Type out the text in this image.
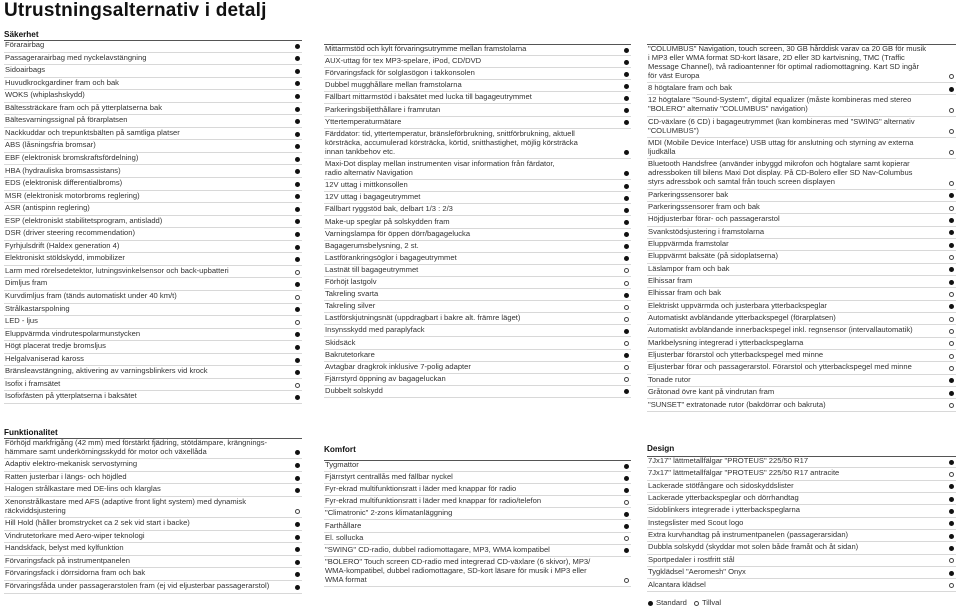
Utrustningsalternativ i detalj
Säkerhet
Förarairbag
Passagerarairbag med nyckelavstängning
Sidoairbags
Huvudkrockgardiner fram och bak
WOKS (whiplashskydd)
Bältessträckare fram och på ytterplatserna bak
Bältesvarningssignal på förarplatsen
Nackkuddar och trepunktsbälten på samtliga platser
ABS (låsningsfria bromsar)
EBF (elektronisk bromskraftsfördelning)
HBA (hydrauliska bromsassistans)
EDS (elektronisk differentialbroms)
MSR (elektronisk motorbroms reglering)
ASR (antispinn reglering)
ESP (elektroniskt stabilitetsprogram, antisladd)
DSR (driver steering recommendation)
Fyrhjulsdrift (Haldex generation 4)
Elektroniskt stöldskydd, immobilizer
Larm med rörelsedetektor, lutningsvinkelsensor och back-upbatteri
Dimljus fram
Kurvdimljus fram (tänds automatiskt under 40 km/t)
Strålkastarspolning
LED - ljus
Eluppvärmda vindrutespolarmunstycken
Högt placerat tredje bromsljus
Helgalvaniserad kaross
Bränsleavstängning, aktivering av varningsblinkers vid krock
Isofix i framsätet
Isofixfästen på ytterplatserna i baksätet
Funktionalitet
Förhöjd markfrigång (42 mm) med förstärkt fjädring, stötdämpare, krängnings-
hämmare samt underkörningsskydd för motor och växellåda
Adaptiv elektro-mekanisk servostyrning
Ratten justerbar i längs- och höjdled
Halogen strålkastare med DE-lins och klarglas
Xenonstrålkastare med AFS (adaptive front light system) med dynamisk
räckviddsjustering
Hill Hold (håller bromstrycket ca 2 sek vid start i backe)
Vindrutetorkare med Aero-wiper teknologi
Handskfack, belyst med kylfunktion
Förvaringsfack på instrumentpanelen
Förvaringsfack i dörrsidorna fram och bak
Förvaringsfåda under passagerarstolen fram (ej vid eljusterbar passagerarstol)
Mittarmstöd och kylt förvaringsutrymme mellan framstolarna
AUX-uttag för tex MP3-spelare, iPod, CD/DVD
Förvaringsfack för solglasögon i takkonsolen
Dubbel mugghållare mellan framstolarna
Fällbart mittarmstöd i baksätet med lucka till bagageutrymmet
Parkeringsbiljetthållare i framrutan
Yttertemperaturmätare
Färddator: tid, yttertemperatur, bränsleförbrukning, snittförbrukning, aktuell
körsträcka, accumulerad körsträcka, körtid, snitthastighet, möjlig körsträcka
innan tankbehov etc.
Maxi-Dot display mellan instrumenten visar information från färdator,
radio alternativ Navigation
12V uttag i mittkonsollen
12V uttag i bagageutrymmet
Fällbart ryggstöd bak, delbart 1/3 : 2/3
Make-up speglar på solskydden fram
Varningslampa för öppen dörr/bagagelucka
Bagagerumsbelysning, 2 st.
Lastförankringsöglor i bagageutrymmet
Lastnät till bagageutrymmet
Förhöjt lastgolv
Takreling svarta
Takreling silver
Lastförskjutningsnät (uppdragbart i bakre alt. främre läget)
Insynsskydd med paraplyfack
Skidsäck
Bakrutetorkare
Avtagbar dragkrok inklusive 7-polig adapter
Fjärrstyrd öppning av bagageluckan
Dubbelt solskydd
Komfort
Tygmattor
Fjärrstyrt centrallås med fällbar nyckel
Fyr-ekrad multifunktionsratt i läder med knappar för radio
Fyr-ekrad multifunktionsratt i läder med knappar för radio/telefon
"Climatronic" 2-zons klimatanläggning
Farthållare
El. sollucka
"SWING" CD-radio, dubbel radiomottagare, MP3, WMA kompatibel
"BOLERO" Touch screen CD-radio med integrerad CD-växlare (6 skivor), MP3/
WMA-kompatibel, dubbel radiomottagare, SD-kort läsare för musik i MP3 eller
WMA format
"COLUMBUS" Navigation, touch screen, 30 GB hårddisk varav ca 20 GB för musik
i MP3 eller WMA format SD-kort läsare, 2D eller 3D kartvisning, TMC (Traffic
Message Channel), två radioantenner för optimal radiomottagning. Kart SD ingår
för väst Europa
8 högtalare fram och bak
12 högtalare "Sound-System", digital equalizer (måste kombineras med stereo
"BOLERO" alternativ "COLUMBUS" navigation)
CD-växlare (6 CD) i bagageutrymmet (kan kombineras med "SWING" alternativ
"COLUMBUS")
MDI (Mobile Device Interface) USB uttag för anslutning och styrning av externa
ljudkälla
Bluetooth Handsfree (använder inbyggd mikrofon och högtalare samt kopierar
adressboken till bilens Maxi Dot display. På CD-Bolero eller SD Nav-Columbus
styrs adressbok och samtal från touch screen displayen
Parkeringssensorer bak
Parkeringssensorer fram och bak
Höjdjusterbar förar- och passagerarstol
Svankstödsjustering i framstolarna
Eluppvärmda framstolar
Eluppvärmt baksäte (på sidoplatserna)
Läslampor fram och bak
Elhissar fram
Elhissar fram och bak
Elektriskt uppvärmda och justerbara ytterbackspeglar
Automatiskt avbländande ytterbackspegel (förarplatsen)
Automatiskt avbländande innerbackspegel inkl. regnsensor (intervallautomatik)
Markbelysning integrerad i ytterbackspeglarna
Eljusterbar förarstol och ytterbackspegel med minne
Eljusterbar förar och passagerarstol. Förarstol och ytterbackspegel med minne
Tonade rutor
Gråtonad övre kant på vindrutan fram
"SUNSET" extratonade rutor (bakdörrar och bakruta)
Design
7Jx17" lättmetallfälgar "PROTEUS" 225/50 R17
7Jx17" lättmetallfälgar "PROTEUS" 225/50 R17 antracite
Lackerade stötfångare och sidoskyddslister
Lackerade ytterbackspeglar och dörrhandtag
Sidoblinkers integrerade i ytterbackspeglarna
Instegslister med Scout logo
Extra kurvhandtag på instrumentpanelen (passagerarsidan)
Dubbla solskydd (skyddar mot solen både framåt och åt sidan)
Sportpedaler i rostfritt stål
Tygklädsel "Aeromesh" Onyx
Alcantara klädsel
Standard Tillval
